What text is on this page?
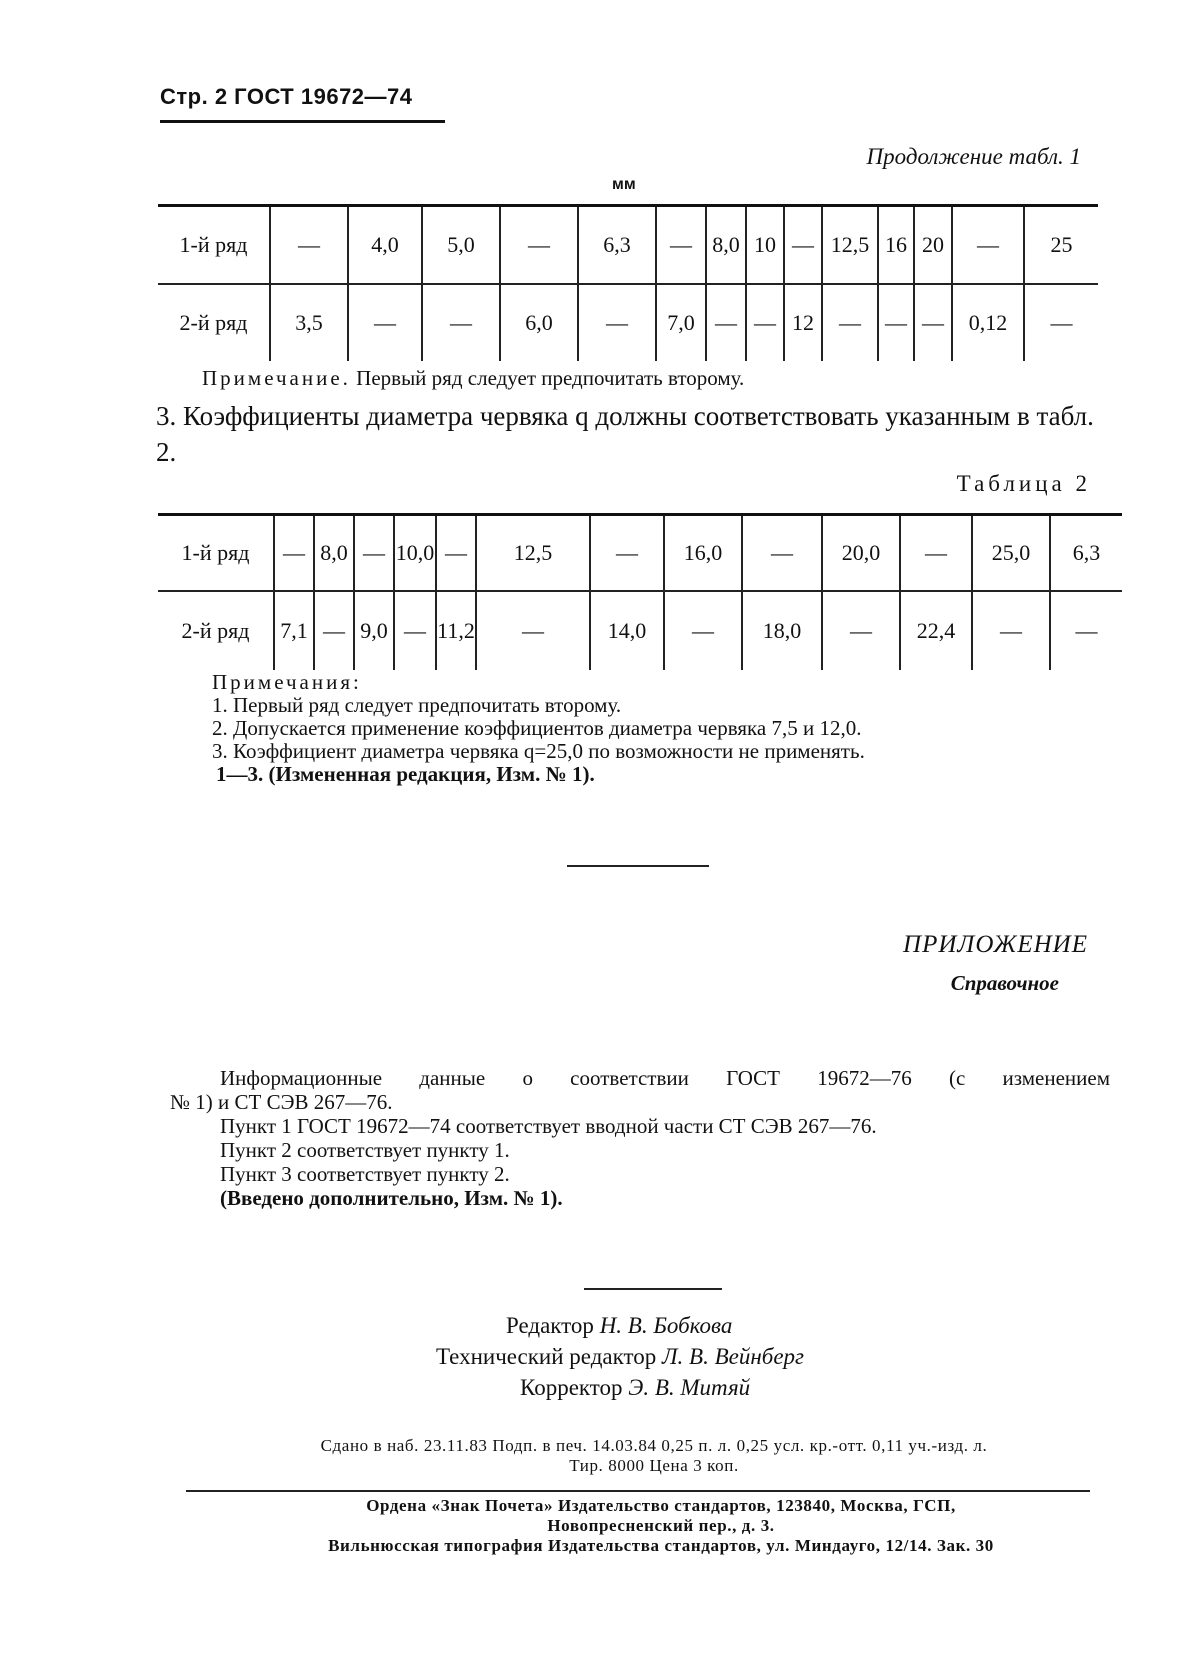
Стр. 2 ГОСТ 19672—74
Продолжение табл. 1
мм
1-й ряд	—	4,0	5,0	—	6,3	—	8,0	10	—	12,5	16	20	—	25
2-й ряд	3,5	—	—	6,0	—	7,0	—	—	12	—	—	—	0,12	—
Примечание. Первый ряд следует предпочитать второму.
3. Коэффициенты диаметра червяка q должны соответствовать указанным в табл. 2.
Таблица 2
1-й ряд	—	8,0	—	10,0	—	12,5	—	16,0	—	20,0	—	25,0	6,3
2-й ряд	7,1	—	9,0	—	11,2	—	14,0	—	18,0	—	22,4	—	—
Примечания:
1. Первый ряд следует предпочитать второму.
2. Допускается применение коэффициентов диаметра червяка 7,5 и 12,0.
3. Коэффициент диаметра червяка q=25,0 по возможности не применять.
1—3. (Измененная редакция, Изм. № 1).
ПРИЛОЖЕНИЕ
Справочное
Информационные данные о соответствии ГОСТ 19672—76 (с изменением
№ 1) и СТ СЭВ 267—76.
Пункт 1 ГОСТ 19672—74 соответствует вводной части СТ СЭВ 267—76.
Пункт 2 соответствует пункту 1.
Пункт 3 соответствует пункту 2.
(Введено дополнительно, Изм. № 1).
Редактор Н. В. Бобкова
Технический редактор Л. В. Вейнберг
Корректор Э. В. Митяй
Сдано в наб. 23.11.83 Подп. в печ. 14.03.84 0,25 п. л. 0,25 усл. кр.-отт. 0,11 уч.-изд. л.
Тир. 8000 Цена 3 коп.
Ордена «Знак Почета» Издательство стандартов, 123840, Москва, ГСП,
Новопресненский пер., д. 3.
Вильнюсская типография Издательства стандартов, ул. Миндауго, 12/14. Зак. 30
